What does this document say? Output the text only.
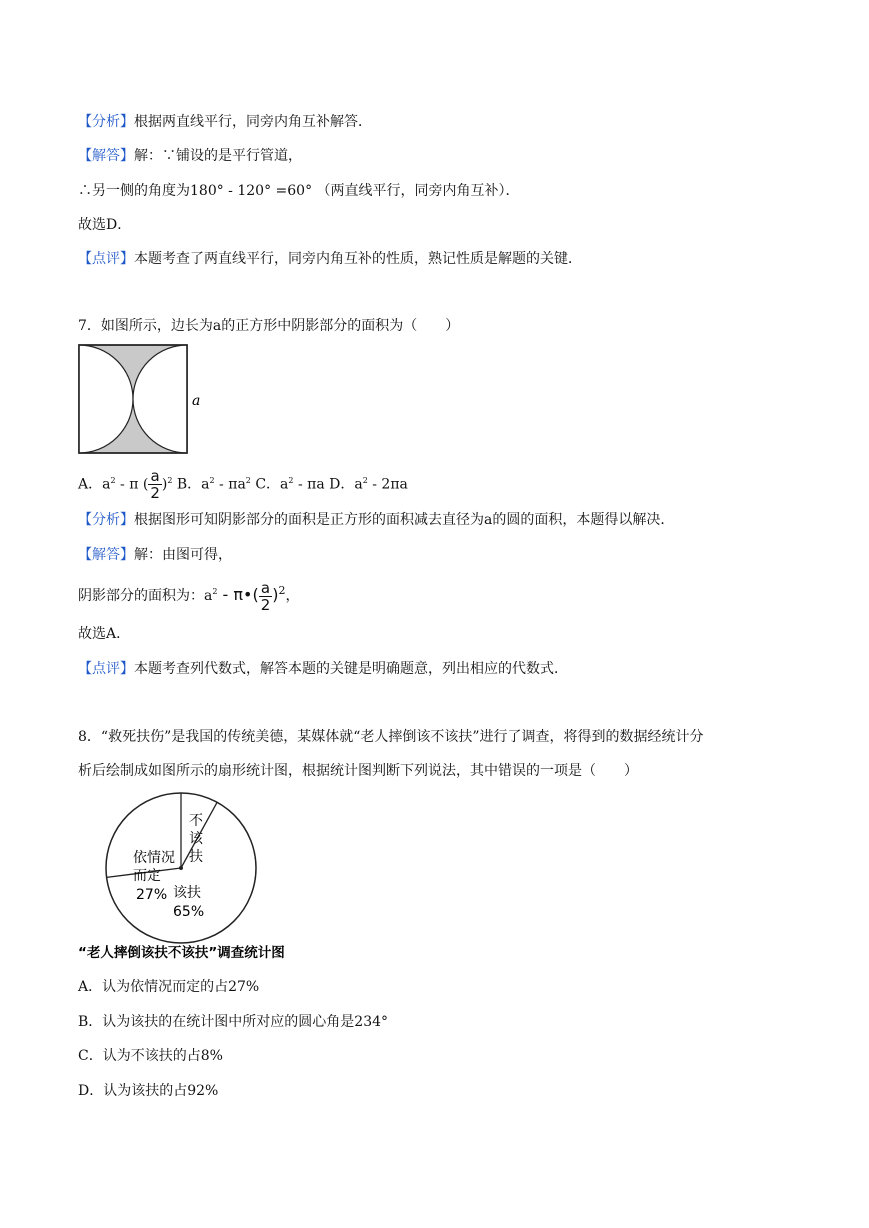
【分析】根据两直线平行，同旁内角互补解答．
【解答】解：∵铺设的是平行管道，
∴另一侧的角度为180° - 120° =60° （两直线平行，同旁内角互补）．
故选D．
【点评】本题考查了两直线平行，同旁内角互补的性质，熟记性质是解题的关键．
7．如图所示，边长为a的正方形中阴影部分的面积为（　　）
a
A．$a^2$ - π ( $\frac{a}{2} )^2$ B．$a^2 - \pi a^2$ C．$a^2$ - πa D．$a^2 - 2\pi a$
【分析】根据图形可知阴影部分的面积是正方形的面积减去直径为a的圆的面积，本题得以解决．
【解答】解：由图可得，
阴影部分的面积为：$a^2$ - π•( $\frac{a}{2} )^2$，
故选A．
【点评】本题考查列代数式，解答本题的关键是明确题意，列出相应的代数式．
8．“救死扶伤”是我国的传统美德，某媒体就“老人摔倒该不该扶”进行了调查，将得到的数据经统计分
析后绘制成如图所示的扇形统计图，根据统计图判断下列说法，其中错误的一项是（　　）
依情况
而定
27%
不
该
扶
该扶
65%
“老人摔倒该扶不该扶”调查统计图
A．认为依情况而定的占27%
B．认为该扶的在统计图中所对应的圆心角是234°
C．认为不该扶的占8%
D．认为该扶的占92%
